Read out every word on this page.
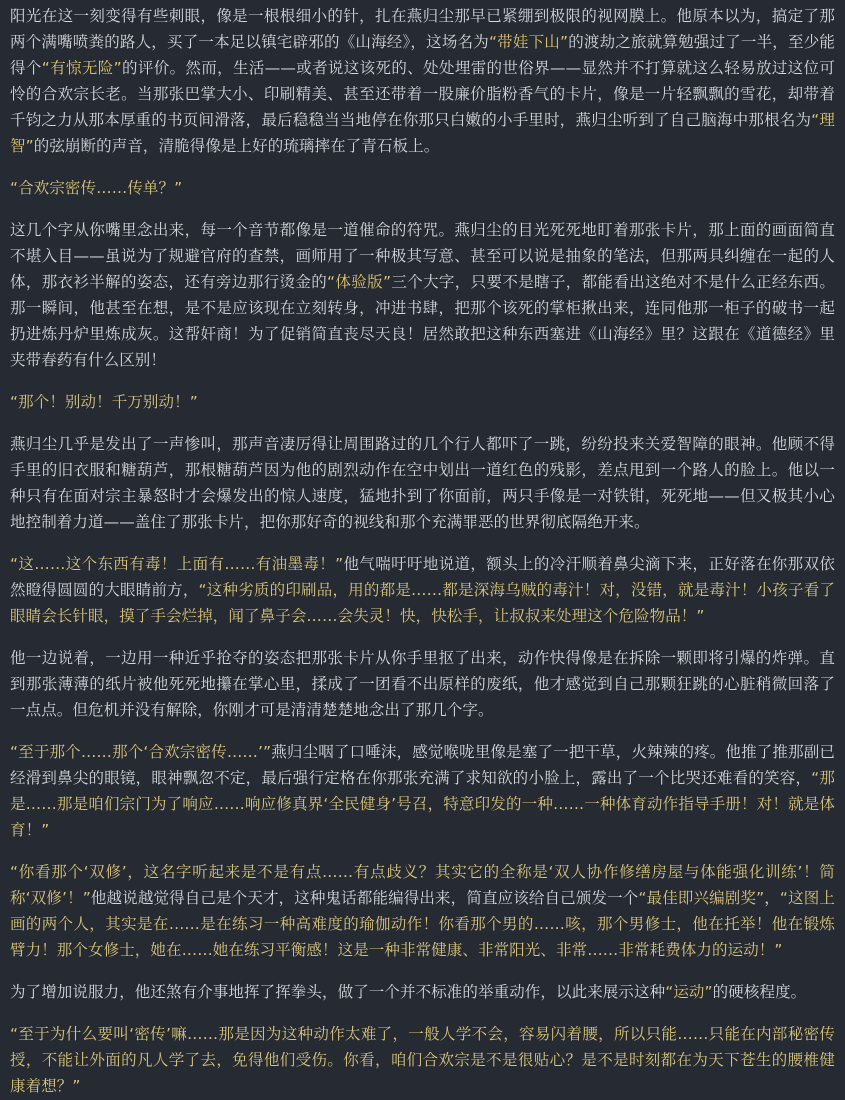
阳光在这一刻变得有些刺眼，像是一根根细小的针，扎在燕归尘那早已紧绷到极限的视网膜上。他原本以为，搞定了那两个满嘴喷粪的路人，买了一本足以镇宅辟邪的《山海经》，这场名为“带娃下山”的渡劫之旅就算勉强过了一半，至少能得个“有惊无险”的评价。然而，生活——或者说这该死的、处处埋雷的世俗界——显然并不打算就这么轻易放过这位可怜的合欢宗长老。当那张巴掌大小、印刷精美、甚至还带着一股廉价脂粉香气的卡片，像是一片轻飘飘的雪花，却带着千钧之力从那本厚重的书页间滑落，最后稳稳当当地停在你那只白嫩的小手里时，燕归尘听到了自己脑海中那根名为“理智”的弦崩断的声音，清脆得像是上好的琉璃摔在了青石板上。

“合欢宗密传……传单？”

这几个字从你嘴里念出来，每一个音节都像是一道催命的符咒。燕归尘的目光死死地盯着那张卡片，那上面的画面简直不堪入目——虽说为了规避官府的查禁，画师用了一种极其写意、甚至可以说是抽象的笔法，但那两具纠缠在一起的人体，那衣衫半解的姿态，还有旁边那行烫金的“体验版”三个大字，只要不是瞎子，都能看出这绝对不是什么正经东西。那一瞬间，他甚至在想，是不是应该现在立刻转身，冲进书肆，把那个该死的掌柜揪出来，连同他那一柜子的破书一起扔进炼丹炉里炼成灰。这帮奸商！为了促销简直丧尽天良！居然敢把这种东西塞进《山海经》里？这跟在《道德经》里夹带春药有什么区别！

“那个！别动！千万别动！”

燕归尘几乎是发出了一声惨叫，那声音凄厉得让周围路过的几个行人都吓了一跳，纷纷投来关爱智障的眼神。他顾不得手里的旧衣服和糖葫芦，那根糖葫芦因为他的剧烈动作在空中划出一道红色的残影，差点甩到一个路人的脸上。他以一种只有在面对宗主暴怒时才会爆发出的惊人速度，猛地扑到了你面前，两只手像是一对铁钳，死死地——但又极其小心地控制着力道——盖住了那张卡片，把你那好奇的视线和那个充满罪恶的世界彻底隔绝开来。

“这……这个东西有毒！上面有……有油墨毒！”他气喘吁吁地说道，额头上的冷汗顺着鼻尖滴下来，正好落在你那双依然瞪得圆圆的大眼睛前方，“这种劣质的印刷品，用的都是……都是深海乌贼的毒汁！对，没错，就是毒汁！小孩子看了眼睛会长针眼，摸了手会烂掉，闻了鼻子会……会失灵！快，快松手，让叔叔来处理这个危险物品！”

他一边说着，一边用一种近乎抢夺的姿态把那张卡片从你手里抠了出来，动作快得像是在拆除一颗即将引爆的炸弹。直到那张薄薄的纸片被他死死地攥在掌心里，揉成了一团看不出原样的废纸，他才感觉到自己那颗狂跳的心脏稍微回落了一点点。但危机并没有解除，你刚才可是清清楚楚地念出了那几个字。

“至于那个……那个‘合欢宗密传……’”燕归尘咽了口唾沫，感觉喉咙里像是塞了一把干草，火辣辣的疼。他推了推那副已经滑到鼻尖的眼镜，眼神飘忽不定，最后强行定格在你那张充满了求知欲的小脸上，露出了一个比哭还难看的笑容，“那是……那是咱们宗门为了响应……响应修真界‘全民健身’号召，特意印发的一种……一种体育动作指导手册！对！就是体育！”

“你看那个‘双修’，这名字听起来是不是有点……有点歧义？其实它的全称是‘双人协作修缮房屋与体能强化训练’！简称‘双修’！”他越说越觉得自己是个天才，这种鬼话都能编得出来，简直应该给自己颁发一个“最佳即兴编剧奖”，“这图上画的两个人，其实是在……是在练习一种高难度的瑜伽动作！你看那个男的……咳，那个男修士，他在托举！他在锻炼臂力！那个女修士，她在……她在练习平衡感！这是一种非常健康、非常阳光、非常……非常耗费体力的运动！”

为了增加说服力，他还煞有介事地挥了挥拳头，做了一个并不标准的举重动作，以此来展示这种“运动”的硬核程度。

“至于为什么要叫‘密传’嘛……那是因为这种动作太难了，一般人学不会，容易闪着腰，所以只能……只能在内部秘密传授，不能让外面的凡人学了去，免得他们受伤。你看，咱们合欢宗是不是很贴心？是不是时刻都在为天下苍生的腰椎健康着想？”
